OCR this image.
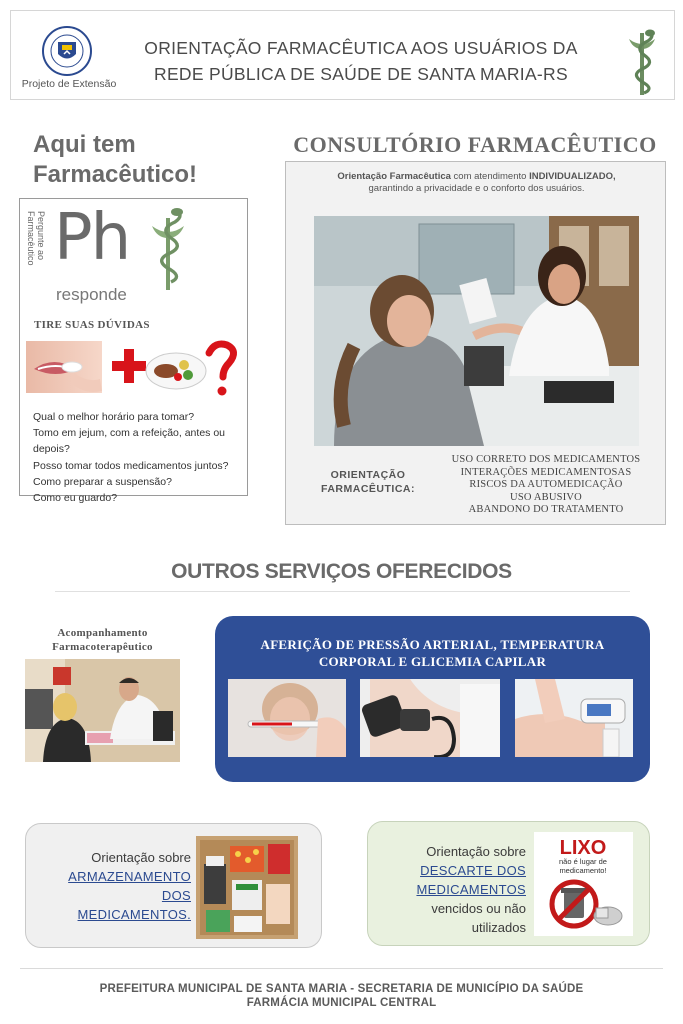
Projeto de Extensão
ORIENTAÇÃO FARMACÊUTICA AOS USUÁRIOS DA
REDE PÚBLICA DE SAÚDE DE SANTA MARIA-RS
Aqui tem
Farmacêutico!
Pergunte ao Farmacêutico Ph
responde
TIRE SUAS DÚVIDAS
Qual o melhor horário para tomar?
Tomo em jejum, com a refeição, antes ou depois?
Posso tomar todos medicamentos juntos?
Como preparar a suspensão?
Como eu guardo?
CONSULTÓRIO FARMACÊUTICO
Orientação Farmacêutica com atendimento INDIVIDUALIZADO,
garantindo a privacidade e o conforto dos usuários.
ORIENTAÇÃO
FARMACÊUTICA:
USO CORRETO DOS MEDICAMENTOS
INTERAÇÕES MEDICAMENTOSAS
RISCOS DA AUTOMEDICAÇÃO
USO ABUSIVO
ABANDONO DO TRATAMENTO
OUTROS SERVIÇOS OFERECIDOS
Acompanhamento
Farmacoterapêutico	AFERIÇÃO DE PRESSÃO ARTERIAL, TEMPERATURA
CORPORAL E GLICEMIA CAPILAR
Orientação sobre
ARMAZENAMENTO
DOS
MEDICAMENTOS.
Orientação sobre
DESCARTE DOS
MEDICAMENTOS
vencidos ou não utilizados
LIXO
não é lugar de
medicamento!
PREFEITURA MUNICIPAL DE SANTA MARIA - SECRETARIA DE MUNICÍPIO DA SAÚDE
FARMÁCIA MUNICIPAL CENTRAL
